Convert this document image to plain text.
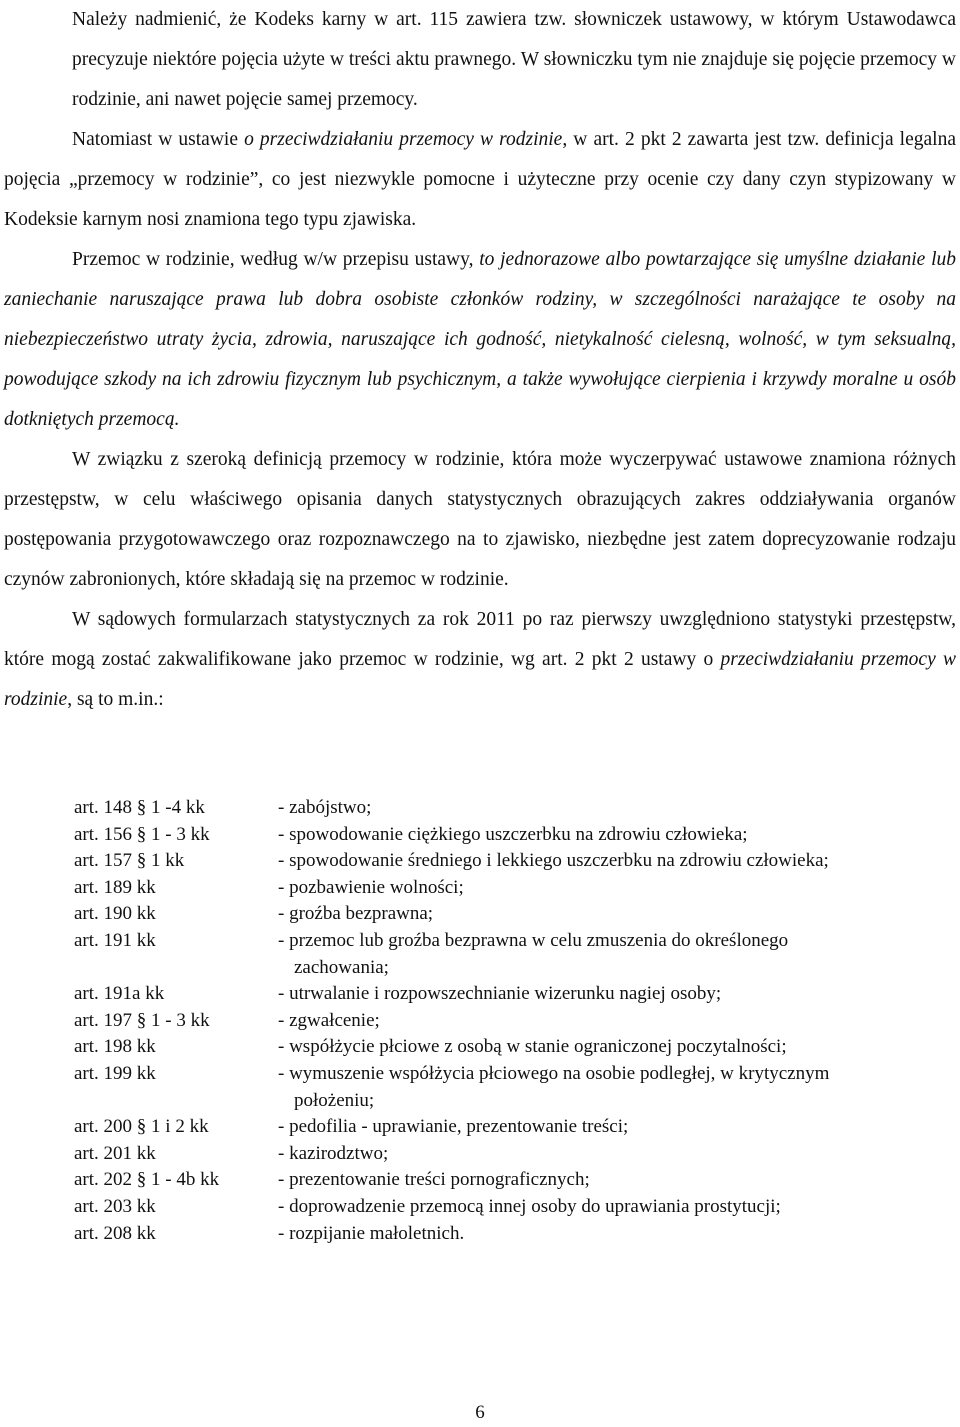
Należy nadmienić, że Kodeks karny w art. 115 zawiera tzw. słowniczek ustawowy, w którym Ustawodawca precyzuje niektóre pojęcia użyte w treści aktu prawnego. W słowniczku tym nie znajduje się pojęcie przemocy w rodzinie, ani nawet pojęcie samej przemocy.

Natomiast w ustawie o przeciwdziałaniu przemocy w rodzinie, w art. 2 pkt 2 zawarta jest tzw. definicja legalna pojęcia „przemocy w rodzinie”, co jest niezwykle pomocne i użyteczne przy ocenie czy dany czyn stypizowany w Kodeksie karnym nosi znamiona tego typu zjawiska.

Przemoc w rodzinie, według w/w przepisu ustawy, to jednorazowe albo powtarzające się umyślne działanie lub zaniechanie naruszające prawa lub dobra osobiste członków rodziny, w szczególności narażające te osoby na niebezpieczeństwo utraty życia, zdrowia, naruszające ich godność, nietykalność cielesną, wolność, w tym seksualną, powodujące szkody na ich zdrowiu fizycznym lub psychicznym, a także wywołujące cierpienia i krzywdy moralne u osób dotkniętych przemocą.

W związku z szeroką definicją przemocy w rodzinie, która może wyczerpywać ustawowe znamiona różnych przestępstw, w celu właściwego opisania danych statystycznych obrazujących zakres oddziaływania organów postępowania przygotowawczego oraz rozpoznawczego na to zjawisko, niezbędne jest zatem doprecyzowanie rodzaju czynów zabronionych, które składają się na przemoc w rodzinie.

W sądowych formularzach statystycznych za rok 2011 po raz pierwszy uwzględniono statystyki przestępstw, które mogą zostać zakwalifikowane jako przemoc w rodzinie, wg art. 2 pkt 2 ustawy o przeciwdziałaniu przemocy w rodzinie, są to m.in.:

art. 148 § 1 -4 kk	- zabójstwo;
art. 156 § 1 - 3 kk	- spowodowanie ciężkiego uszczerbku na zdrowiu człowieka;
art. 157 § 1 kk	- spowodowanie średniego i lekkiego uszczerbku na zdrowiu człowieka;
art. 189 kk	- pozbawienie wolności;
art. 190 kk	- groźba bezprawna;
art. 191 kk	- przemoc lub groźba bezprawna w celu zmuszenia do określonego
zachowania;
art. 191a kk	- utrwalanie i rozpowszechnianie wizerunku nagiej osoby;
art. 197 § 1 - 3 kk	- zgwałcenie;
art. 198 kk	- współżycie płciowe z osobą w stanie ograniczonej poczytalności;
art. 199 kk	- wymuszenie współżycia płciowego na osobie podległej, w krytycznym
położeniu;
art. 200 § 1 i 2 kk	- pedofilia - uprawianie, prezentowanie treści;
art. 201 kk	- kazirodztwo;
art. 202 § 1 - 4b kk	- prezentowanie treści pornograficznych;
art. 203 kk	- doprowadzenie przemocą innej osoby do uprawiania prostytucji;
art. 208 kk	- rozpijanie małoletnich.
6
